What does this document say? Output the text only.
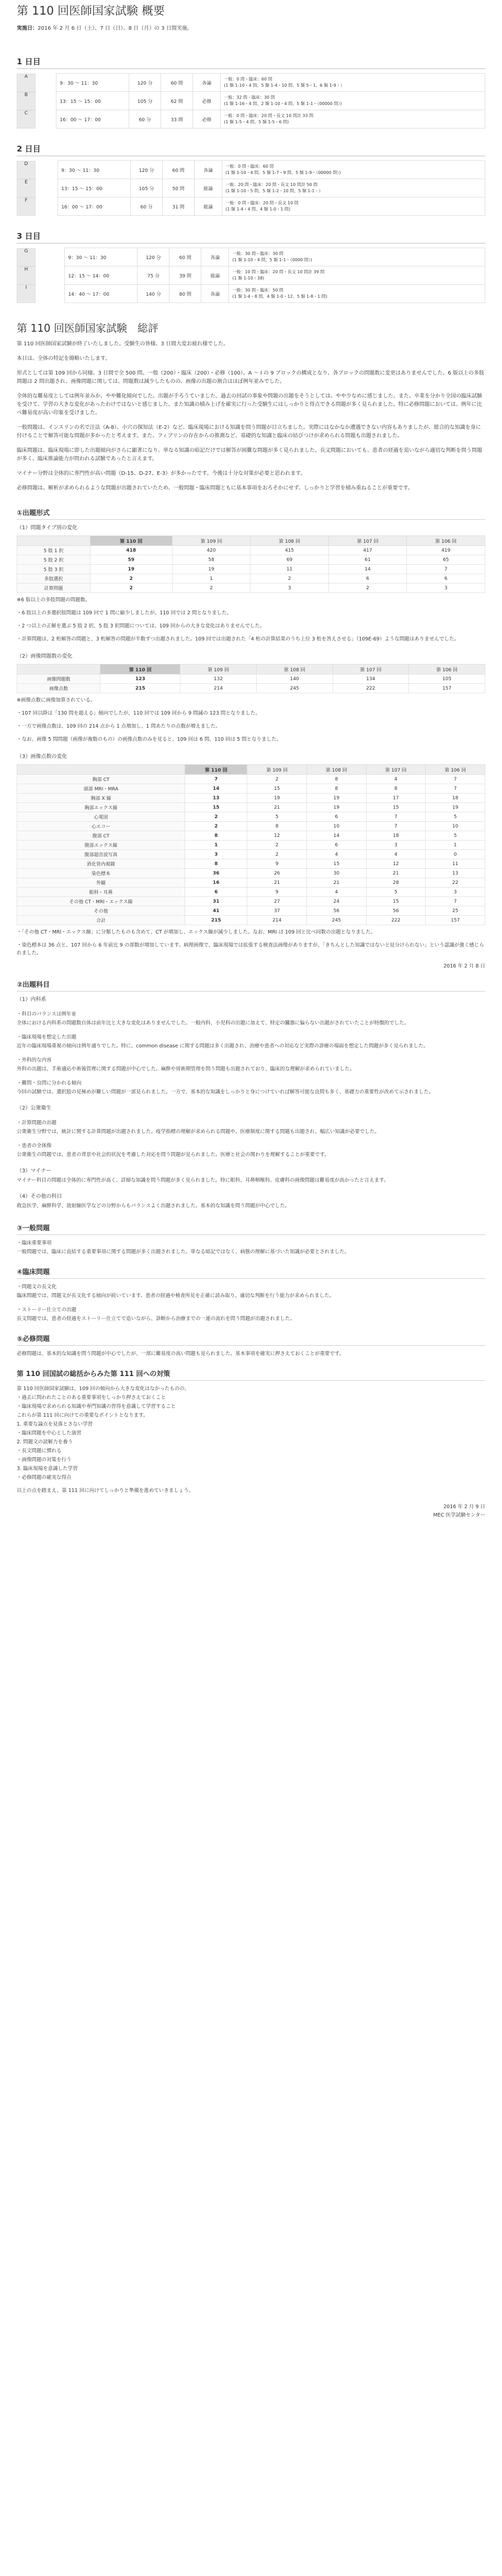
第 110 回医師国家試験 概要

実施日：2016 年 2 月 6 日（土）、7 日（日）、8 日（月）の 3 日間実施。

1 日目
A
9：30 〜 11：30	120 分	60 問	各論	一般：0 問・臨床：60 問
(1 類 1-10・4 問、5 類 1-4・10 問、5 類 5・1、6 類 1-9・）

B
13：15 〜 15：00	105 分	62 問	必修	一般：32 問・臨床：30 問
(1 類 1-16・4 問、2 類 1-10・4 問、5 類 1-1・（00000 問）)

C
16：00 〜 17：00	60 分	33 問	必修	一般：0 問・臨床：20 問・長文 10 問計 33 問
(1 類 1-5・4 問、5 類 1-5・6 問)
2 日目
D
9：30 〜 11：30	120 分	60 問	各論	一般：0 問・臨床：60 問
(1 類 1-10・4 問、5 類 1-7・9 問、5 類 1-9・（00000 問）)

E
13：15 〜 15：00	105 分	50 問	総論	一般：20 問・臨床：20 問・長文 10 問計 50 問
(1 類 1-10・5 問、5 類 1-2・10 問、5 類 1-1・）

F
16：00 〜 17：00	60 分	31 問	総論	一般：0 問・臨床：20 問・長文 10 問
(1 類 1-4・4 問、4 類 1-0・1 問)
3 日目
G
9：30 〜 11：30	120 分	60 問	各論	一般：30 問・臨床：30 問
(1 類 1-10・4 問、5 類 1-1・（0000 問）)

H
12：15 〜 14：00	75 分	39 問	総論	一般：10 問・臨床：20 問・長文 10 問計 39 問
(1 類 1-10・38)

I
14：40 〜 17：00	140 分	80 問	各論	一般：30 問・臨床：50 問
(1 類 1-4・8 問、4 類 1-0・12、5 類 1-8・1 問)
第 110 回医師国家試験　総評

第 110 回医師国家試験が終了いたしました。受験生の皆様、3 日間大変お疲れ様でした。

本日は、全体の特記を簡略いたします。

形式としては第 109 回から同様、3 日間で全 500 問。一般（200）・臨床（200）・必修（100）。A 〜 I の 9 ブロックの構成となり、各ブロックの問題数に変更はありませんでした。6 版以上の多肢問題は 2 問出題され、画像問題に関しては、問題数は減少したものの、画像の出題の割合はほぼ例年並みでした。

全体的な難易度としては例年並みか、やや難化傾向でした。出題が手ろうていました。過去の回試の事象や問題の出題をそうとしては、やや少なめに感じました。また、卒業を分かり全国の臨床試験を受けて、学習の大きな変化があったわけではないと感じました。また知識の積み上げを確実に行った受験生にはしっかりと得点できる問題が多く見られました。特に必修問題においては、例年に比べ難易度が高い印象を受けました。

一般問題は、インスリンの名で注法（A-8）、小穴の探知法（E-2）など、臨床現場における知識を問う問題が目立ちました。実際にはなかなか遭遇できない内容もありましたが、総合的な知識を身に付けることで解答可能な問題が多かったと考えます。また、フィブリンの存在からの推測など、基礎的な知識と臨床の結びつけが求められる問題も出題されました。

臨床問題は、臨床現場に即した出題傾向がさらに顕著になり、単なる知識の暗記だけでは解答が困難な問題が多く見られました。長文問題においても、患者の経過を追いながら適切な判断を問う問題が多く、臨床推論能力が問われる試験であったと言えます。

マイナー分野は全体的に専門性が高い問題（D-15、D-27、E-3）が多かったです。今後は十分な対策が必要と思われます。

必修問題は、解析が求められるような問題が出題されていたため、一般問題・臨床問題ともに基本事項をおろそかにせず、しっかりと学習を積み重ねることが重要です。

①出題形式

（1）問題タイプ別の変化

	第 110 回	第 109 回	第 108 回	第 107 回	第 106 回
5 肢 1 択	418	420	415	417	419
5 肢 2 択	59	58	69	61	65
5 肢 3 択	19	19	11	14	7
多肢選択	2	1	2	6	6
計算問題	2	2	3	2	3

※6 版以上の多肢問題の問題数。

・6 肢以上の多選択肢問題は 109 回で 1 問に縮少しましたが、110 回では 2 問となりました。

・2 つ以上の正解を選ぶ 5 肢 2 択、5 肢 3 択問題については、109 回からの大きな変化はありませんでした。

・計算問題は、2 桁解答の問題と、3 桁解答の問題が半数ずつ出題されました。109 回では出題された「4 桁の計算結果のうち上位 3 桁を答えさせる」（109E-69）ような問題はありませんでした。

（2）画像問題数の変化

	第 110 回	第 109 回	第 108 回	第 107 回	第 106 回
画像問題数	123	132	140	134	105
画像点数	215	214	245	222	157

※画像点数に画像加算されている。

・107 回以降は「130 問を超える」傾向でしたが、110 回では 109 回から 9 問減の 123 問となりました。

・一方で画像点数は、109 回の 214 点から 1 点増加し、1 問あたりの点数が増えました。

・なお、画像 5 問問題（画像が複数のもの）の画像点数のみを見ると、109 回は 6 問、110 回は 5 問となりました。

（3）画像点数の変化

	第 110 回	第 109 回	第 108 回	第 107 回	第 106 回
胸部 CT	7	2	8	4	7
頭部 MRI・MRA	14	15	8	8	7
胸部 X 線	13	19	19	17	18
胸部エックス線	15	21	19	15	19
心電図	2	5	6	7	5
心エコー	2	8	10	7	10
腹部 CT	8	12	14	18	5
腹部エックス線	1	2	6	3	1
腹部超音波写真	3	2	4	4	0
消化管内視鏡	8	9	15	12	11
染色標本	36	26	30	21	13
外観	16	21	21	28	22
眼科・耳鼻	6	9	4	5	3
その他 CT・MRI・エックス線	31	27	24	15	7
その他	41	37	56	56	25
合計	215	214	245	222	157

・「その他 CT・MRI・エックス線」に分類したものも含めて、CT が増加し、エックス線が減少しました。なお、MRI は 109 回と比べ同数の出題となりました。

・染色標本は 36 点と、107 回から 6 年前比 9 の部数が増加しています。病理画像で、臨床現場では拡張する検査法画像がありますが、「きちんとした知識ではないと見分けられない」という認識が強く感じられました。

2016 年 2 月 8 日

②出題科目

（1）内科系

・科目のバランスは例年並

全体における内科系の問題数自体は前年比と大きな変化はありませんでした。一般内科、小児科の出題に加えて、特定の臓器に偏らない出題がされていたことが特徴的でした。

・臨床現場を想定した出題

近年の臨床現場重視の傾向は例年通りでした。特に、common disease に関する問題は多く出題され、治療や患者への対応など実際の診療の場面を想定した問題が多く見られました。

・外科的な内容

外科の出題は、手術適応や術後管理に関する問題が中心でした。麻酔や周術期管理を問う問題も出題されており、臨床的な理解が求められていました。

・難問・良問に分かれる傾向

今回の試験では、選択肢の見極めが難しい問題が一部見られました。一方で、基本的な知識をしっかりと身につけていれば解答可能な良問も多く、基礎力の重要性が改めて示されました。

（2）公衆衛生

・計算問題の出題

公衆衛生分野では、統計に関する計算問題が出題されました。疫学指標の理解が求められる問題や、医療制度に関する問題も出題され、幅広い知識が必要でした。

・患者の全体像

公衆衛生の問題では、患者の背景や社会的状況を考慮した対応を問う問題が見られました。医療と社会の関わりを理解することが重要です。

（3）マイナー

マイナー科目の問題は全体的に専門性が高く、詳細な知識を問う問題が多く見られました。特に眼科、耳鼻咽喉科、皮膚科の画像問題は難易度が高かったと言えます。

（4）その他の科目

救急医学、麻酔科学、放射線医学などの分野からもバランスよく出題されました。基本的な知識を問う問題が中心でした。

③一般問題

・臨床重要事項

一般問題では、臨床に直結する重要事項に関する問題が多く出題されました。単なる暗記ではなく、病態の理解に基づいた知識が必要とされました。

④臨床問題

・問題文の長文化

臨床問題では、問題文が長文化する傾向が続いています。患者の経過や検査所見を正確に読み取り、適切な判断を行う能力が求められました。

・ストーリー仕立ての出題

長文問題では、患者の経過をストーリー仕立てで追いながら、診断から治療までの一連の流れを問う問題が出題されました。

⑤必修問題

必修問題は、基本的な知識を問う問題が中心でしたが、一部に難易度の高い問題も見られました。基本事項を確実に押さえておくことが重要です。

第 110 回国試の総括からみた第 111 回への対策

第 110 回医師国家試験は、109 回の傾向から大きな変化はなかったものの、

・過去に問われたことのある重要事項をしっかり押さえておくこと

・臨床現場で求められる知識や専門知識の習得を意識して学習すること

これらが第 111 回に向けての重要なポイントとなります。

1. 重要な論点を見落とさない学習

・臨床問題を中心とした演習

2. 問題文の読解力を養う

・長文問題に慣れる

・画像問題の対策を行う

3. 臨床現場を意識した学習

・必修問題の確実な得点

以上の点を踏まえ、第 111 回に向けてしっかりと準備を進めていきましょう。

2016 年 2 月 9 日

MEC 医学試験センター
